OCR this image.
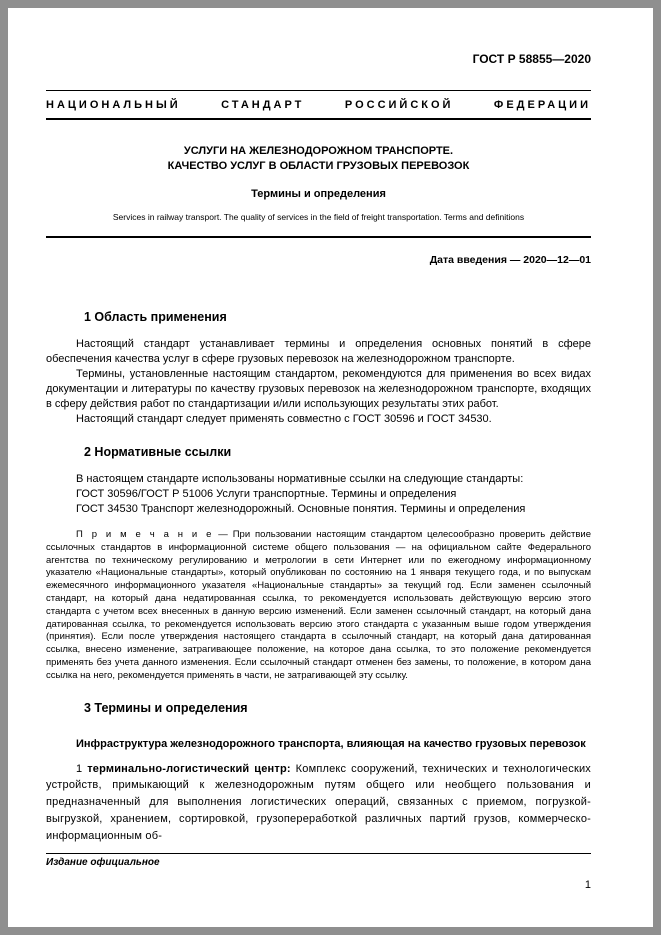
ГОСТ Р 58855—2020
НАЦИОНАЛЬНЫЙ СТАНДАРТ РОССИЙСКОЙ ФЕДЕРАЦИИ
УСЛУГИ НА ЖЕЛЕЗНОДОРОЖНОМ ТРАНСПОРТЕ.
КАЧЕСТВО УСЛУГ В ОБЛАСТИ ГРУЗОВЫХ ПЕРЕВОЗОК
Термины и определения
Services in railway transport. The quality of services in the field of freight transportation. Terms and definitions
Дата введения — 2020—12—01
1 Область применения

Настоящий стандарт устанавливает термины и определения основных понятий в сфере обеспечения качества услуг в сфере грузовых перевозок на железнодорожном транспорте.

Термины, установленные настоящим стандартом, рекомендуются для применения во всех видах документации и литературы по качеству грузовых перевозок на железнодорожном транспорте, входящих в сферу действия работ по стандартизации и/или использующих результаты этих работ.

Настоящий стандарт следует применять совместно с ГОСТ 30596 и ГОСТ 34530.

2 Нормативные ссылки

В настоящем стандарте использованы нормативные ссылки на следующие стандарты:

ГОСТ 30596/ГОСТ Р 51006 Услуги транспортные. Термины и определения
ГОСТ 34530 Транспорт железнодорожный. Основные понятия. Термины и определения

П р и м е ч а н и е — При пользовании настоящим стандартом целесообразно проверить действие ссылочных стандартов в информационной системе общего пользования — на официальном сайте Федерального агентства по техническому регулированию и метрологии в сети Интернет или по ежегодному информационному указателю «Национальные стандарты», который опубликован по состоянию на 1 января текущего года, и по выпускам ежемесячного информационного указателя «Национальные стандарты» за текущий год. Если заменен ссылочный стандарт, на который дана недатированная ссылка, то рекомендуется использовать действующую версию этого стандарта с учетом всех внесенных в данную версию изменений. Если заменен ссылочный стандарт, на который дана датированная ссылка, то рекомендуется использовать версию этого стандарта с указанным выше годом утверждения (принятия). Если после утверждения настоящего стандарта в ссылочный стандарт, на который дана датированная ссылка, внесено изменение, затрагивающее положение, на которое дана ссылка, то это положение рекомендуется применять без учета данного изменения. Если ссылочный стандарт отменен без замены, то положение, в котором дана ссылка на него, рекомендуется применять в части, не затрагивающей эту ссылку.

3 Термины и определения

Инфраструктура железнодорожного транспорта, влияющая на качество грузовых перевозок

1 терминально-логистический центр: Комплекс сооружений, технических и технологических устройств, примыкающий к железнодорожным путям общего или необщего пользования и предназначенный для выполнения логистических операций, связанных с приемом, погрузкой-выгрузкой, хранением, сортировкой, грузопереработкой различных партий грузов, коммерческо-информационным об-

Издание официальное
1
